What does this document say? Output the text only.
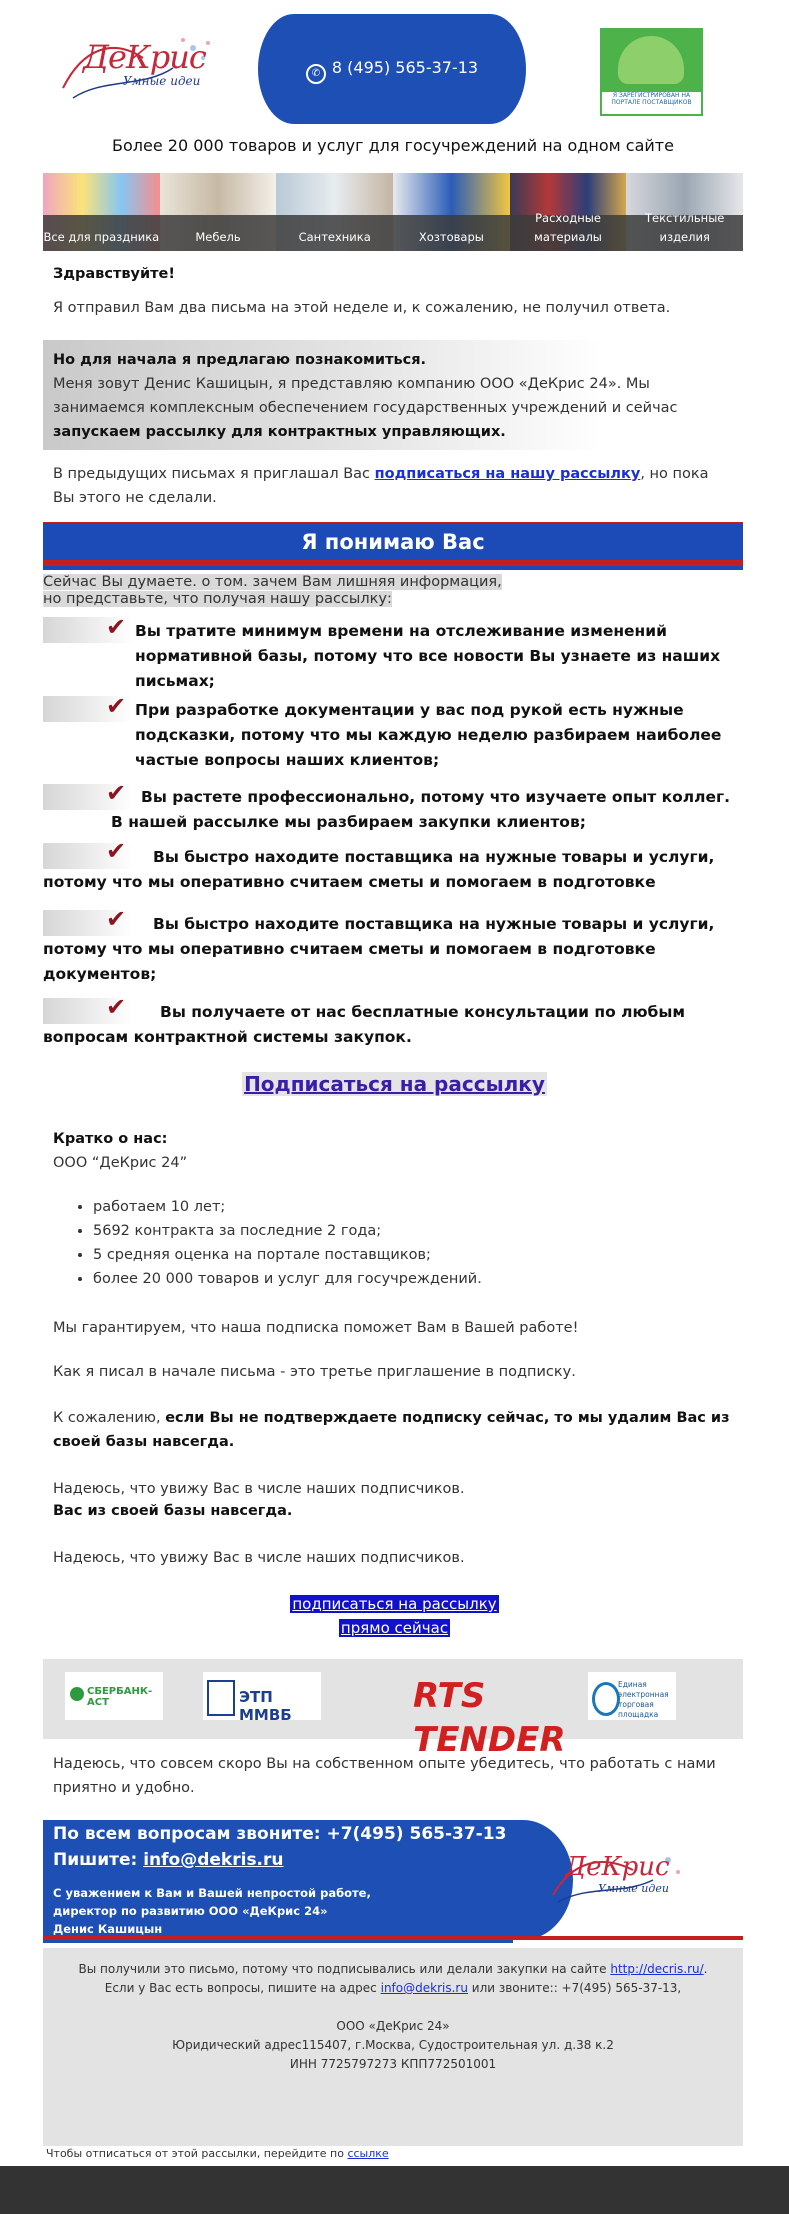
ДеКрис
Умные идеи
✆ 8 (495) 565-37-13
Я ЗАРЕГИСТРИРОВАН НА ПОРТАЛЕ ПОСТАВЩИКОВ
Более 20 000 товаров и услуг для госучреждений на одном сайте
Все для праздника	Мебель	Сантехника	Хозтовары
Расходные материалы
Текстильные изделия
Здравствуйте!
Я отправил Вам два письма на этой неделе и, к сожалению, не получил ответа.
Но для начала я предлагаю познакомиться.
Меня зовут Денис Кашицын, я представляю компанию ООО «ДеКрис 24». Мы занимаемся комплексным обеспечением государственных учреждений и сейчас
запускаем рассылку для контрактных управляющих.
В предыдущих письмах я приглашал Вас подписаться на нашу рассылку, но пока Вы этого не сделали.
Я понимаю Вас
Сейчас Вы думаете. о том. зачем Вам лишняя информация,
но представьте, что получая нашу рассылку:
✔ Вы тратите минимум времени на отслеживание изменений нормативной базы, потому что все новости Вы узнаете из наших письмах;
✔ При разработке документации у вас под рукой есть нужные подсказки, потому что мы каждую неделю разбираем наиболее частые вопросы наших клиентов;
✔ Вы растете профессионально, потому что изучаете опыт коллег. В нашей рассылке мы разбираем закупки клиентов;
✔	Вы быстро находите поставщика на нужные товары и услуги, потому что мы оперативно считаем сметы и помогаем в подготовке
✔	Вы быстро находите поставщика на нужные товары и услуги, потому что мы оперативно считаем сметы и помогаем в подготовке документов;
✔	Вы получаете от нас бесплатные консультации по любым вопросам контрактной системы закупок.
Подписаться на рассылку
Кратко о нас:
ООО “ДеКрис 24”
• работаем 10 лет;
• 5692 контракта за последние 2 года;
• 5 средняя оценка на портале поставщиков;
• более 20 000 товаров и услуг для госучреждений.
Мы гарантируем, что наша подписка поможет Вам в Вашей работе!
Как я писал в начале письма - это третье приглашение в подписку.
К сожалению, если Вы не подтверждаете подписку сейчас, то мы удалим Вас из своей базы навсегда.
Надеюсь, что увижу Вас в числе наших подписчиков.
Вас из своей базы навсегда.
Надеюсь, что увижу Вас в числе наших подписчиков.
подписаться на рассылку
прямо сейчас
СБЕРБАНК-АСТ	ЭТП ММВБ	RTS TENDER
Единая электронная торговая площадка
Надеюсь, что совсем скоро Вы на собственном опыте убедитесь, что работать с нами приятно и удобно.
По всем вопросам звоните: +7(495) 565-37-13
Пишите: info@dekris.ru
С уважением к Вам и Вашей непростой работе,
директор по развитию ООО «ДеКрис 24»
Денис Кашицын
ДеКрис
Умные идеи
Вы получили это письмо, потому что подписывались или делали закупки на сайте http://decris.ru/.
Если у Вас есть вопросы, пишите на адрес info@dekris.ru или звоните:: +7(495) 565-37-13,
ООО «ДеКрис 24»
Юридический адрес115407, г.Москва, Судостроительная ул. д.38 к.2
ИНН 7725797273 КПП772501001
Чтобы отписаться от этой рассылки, перейдите по ссылке
